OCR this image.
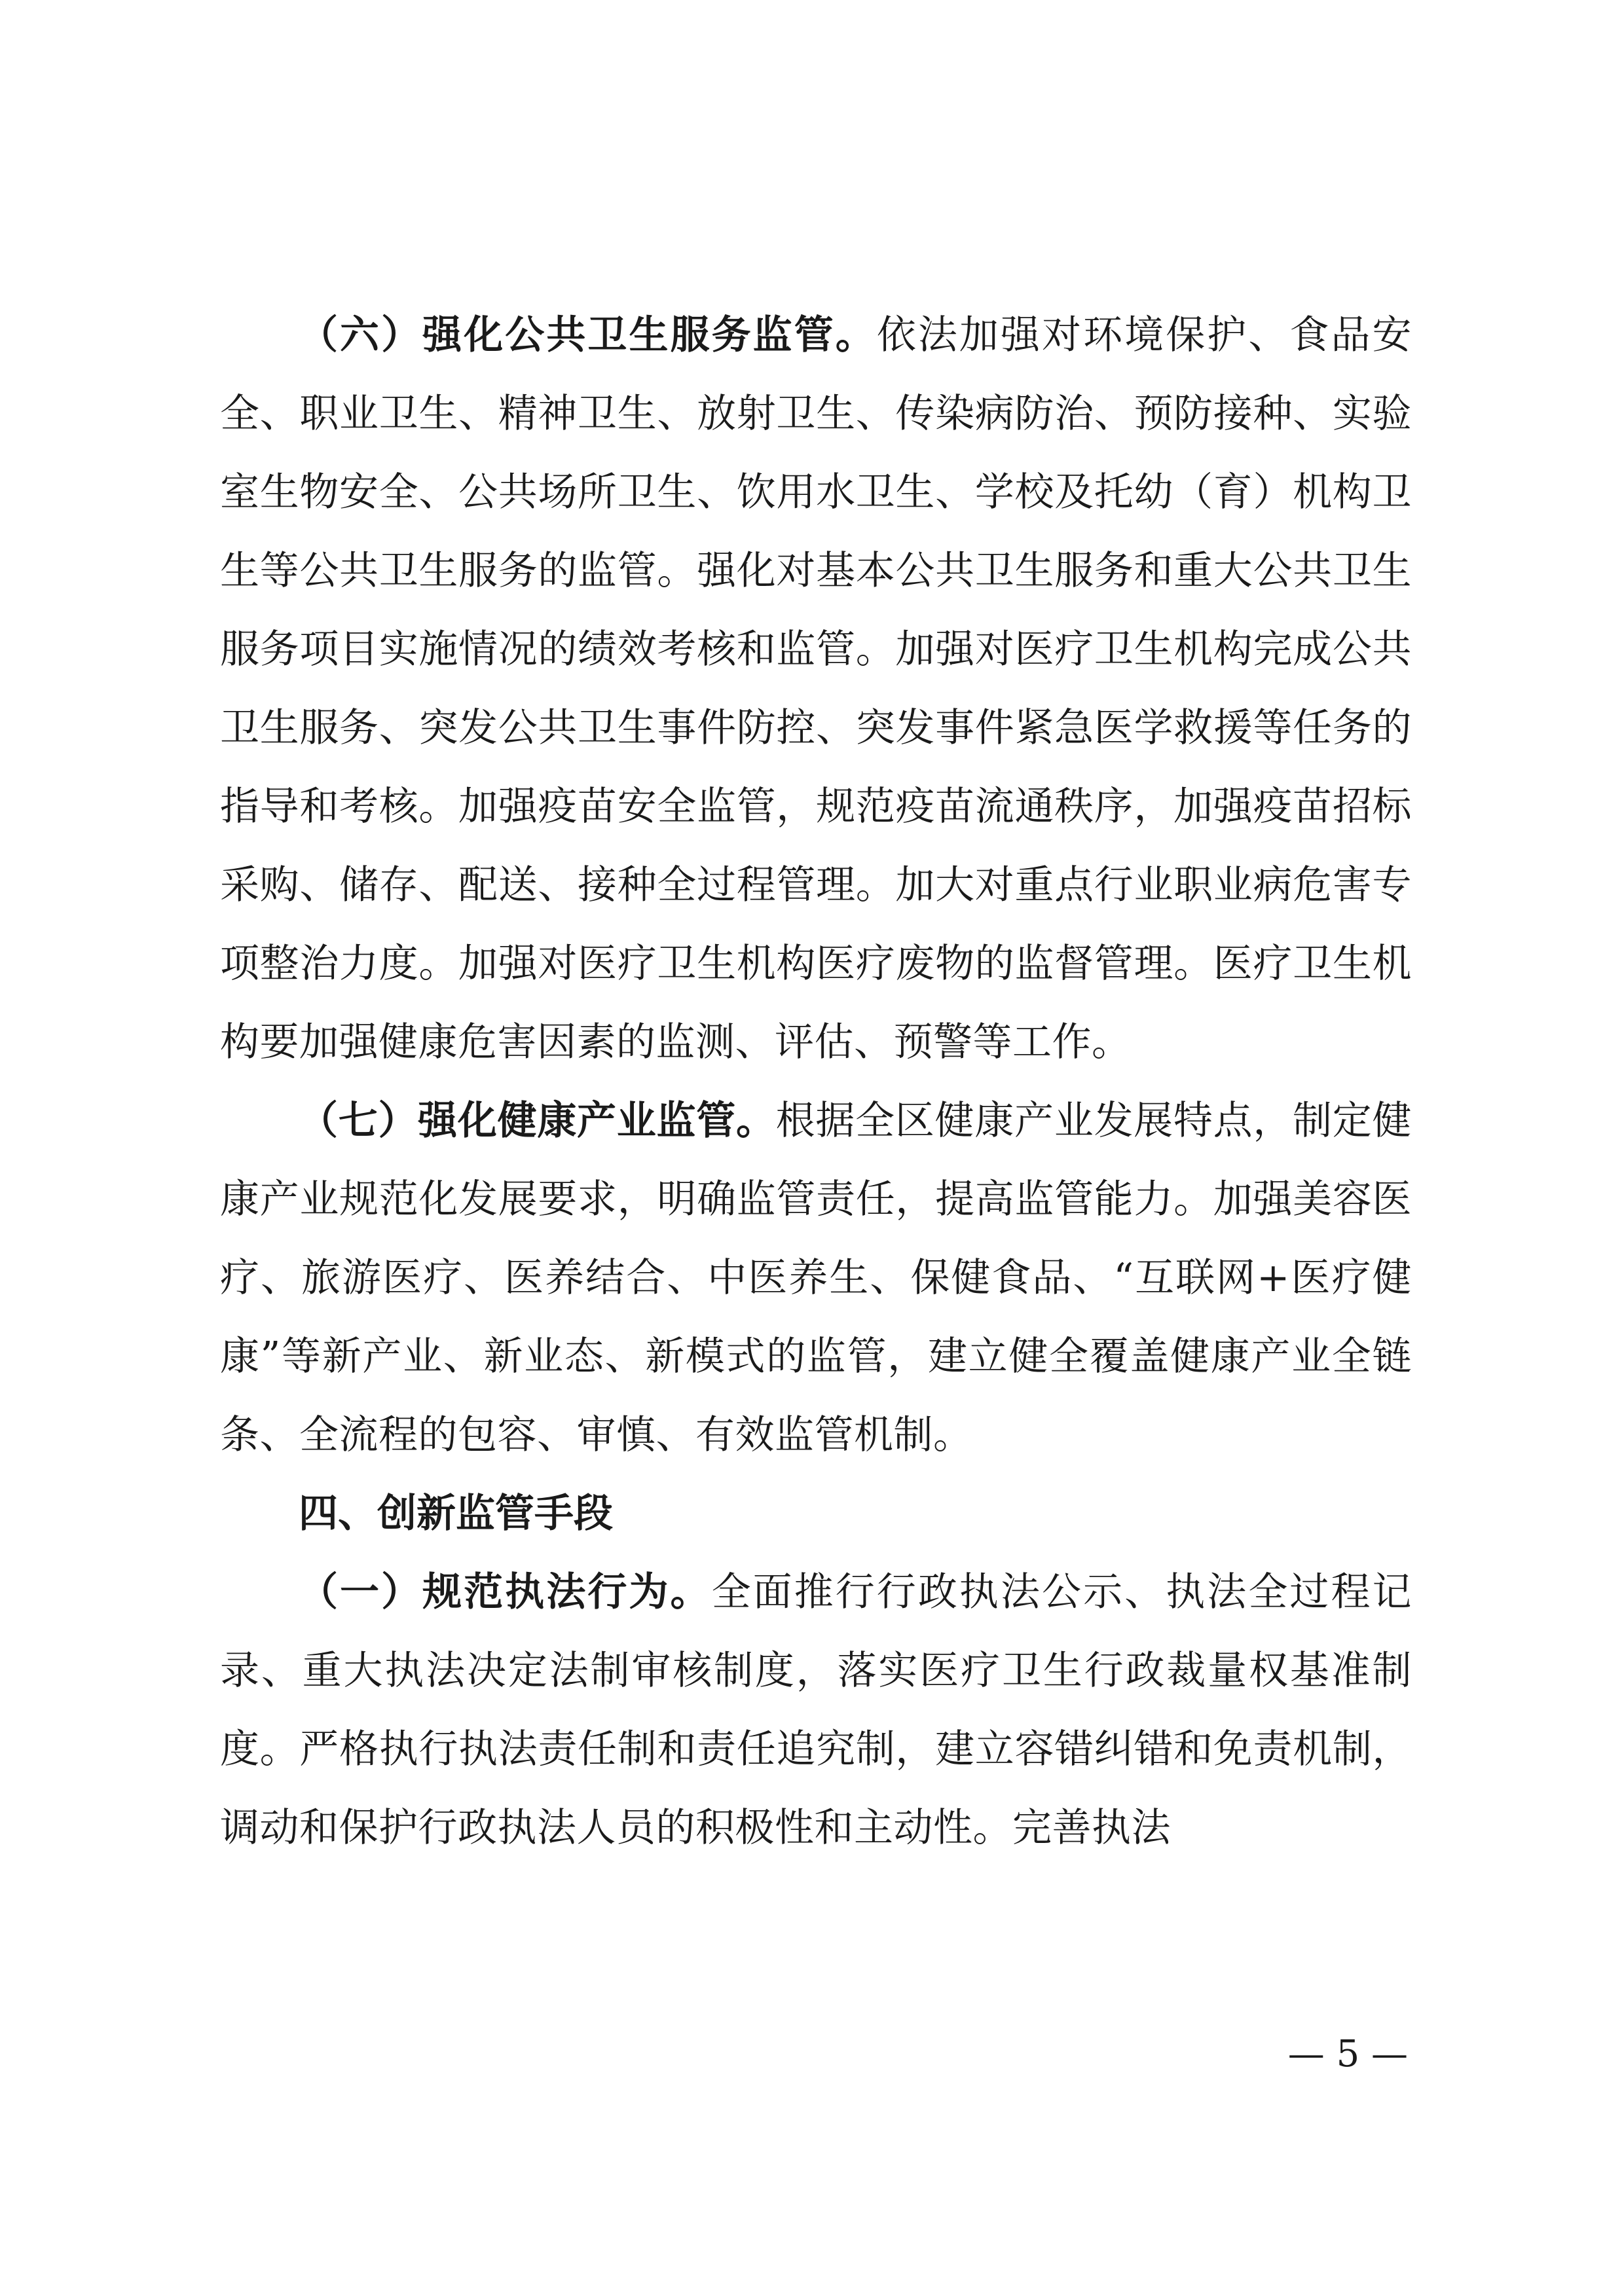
（六）强化公共卫生服务监管。依法加强对环境保护、食品安全、职业卫生、精神卫生、放射卫生、传染病防治、预防接种、实验室生物安全、公共场所卫生、饮用水卫生、学校及托幼（育）机构卫生等公共卫生服务的监管。强化对基本公共卫生服务和重大公共卫生服务项目实施情况的绩效考核和监管。加强对医疗卫生机构完成公共卫生服务、突发公共卫生事件防控、突发事件紧急医学救援等任务的指导和考核。加强疫苗安全监管，规范疫苗流通秩序，加强疫苗招标采购、储存、配送、接种全过程管理。加大对重点行业职业病危害专项整治力度。加强对医疗卫生机构医疗废物的监督管理。医疗卫生机构要加强健康危害因素的监测、评估、预警等工作。

（七）强化健康产业监管。根据全区健康产业发展特点，制定健康产业规范化发展要求，明确监管责任，提高监管能力。加强美容医疗、旅游医疗、医养结合、中医养生、保健食品、“互联网+医疗健康”等新产业、新业态、新模式的监管，建立健全覆盖健康产业全链条、全流程的包容、审慎、有效监管机制。

四、创新监管手段

（一）规范执法行为。全面推行行政执法公示、执法全过程记录、重大执法决定法制审核制度，落实医疗卫生行政裁量权基准制度。严格执行执法责任制和责任追究制，建立容错纠错和免责机制，调动和保护行政执法人员的积极性和主动性。完善执法

— 5 —
